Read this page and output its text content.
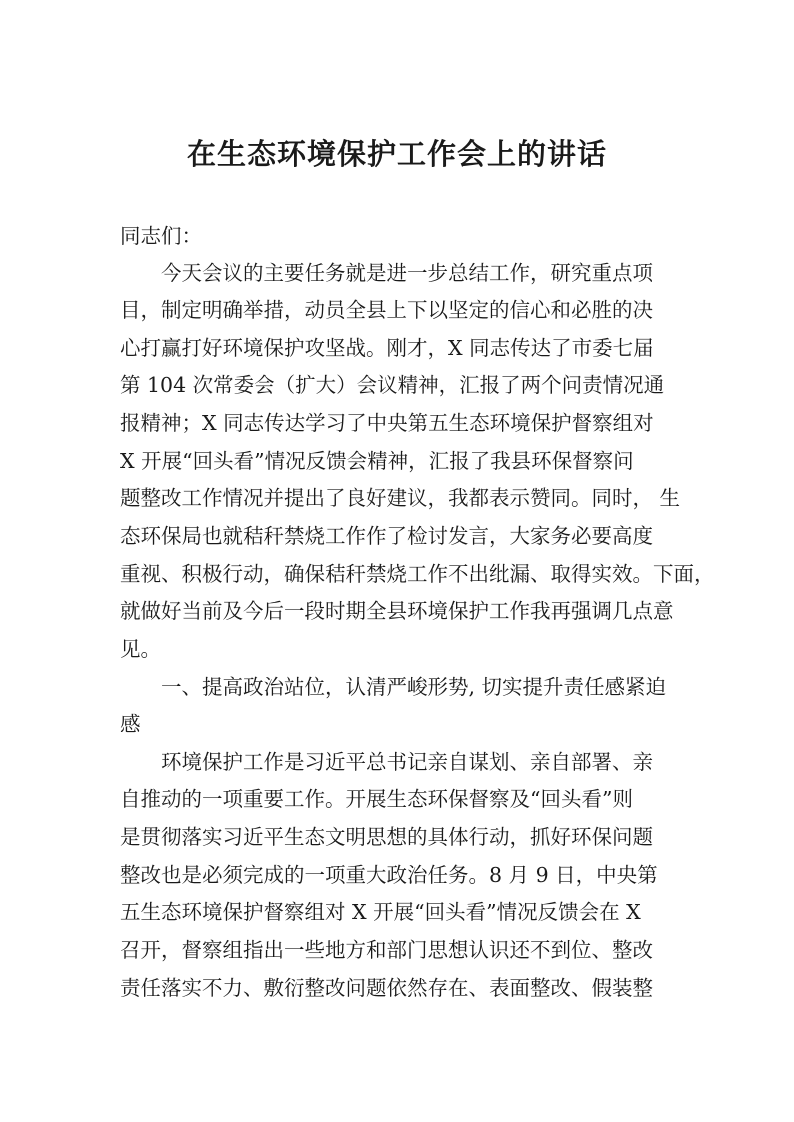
在生态环境保护工作会上的讲话
同志们：
今天会议的主要任务就是进一步总结工作，研究重点项
目，制定明确举措，动员全县上下以坚定的信心和必胜的决
心打赢打好环境保护攻坚战。刚才，X 同志传达了市委七届
第 104 次常委会（扩大）会议精神，汇报了两个问责情况通
报精神；X 同志传达学习了中央第五生态环境保护督察组对
X 开展“回头看”情况反馈会精神，汇报了我县环保督察问
题整改工作情况并提出了良好建议，我都表示赞同。同时， 生
态环保局也就秸秆禁烧工作作了检讨发言，大家务必要高度
重视、积极行动，确保秸秆禁烧工作不出纰漏、取得实效。下面，
就做好当前及今后一段时期全县环境保护工作我再强调几点意
见。
一、提高政治站位，认清严峻形势, 切实提升责任感紧迫
感
环境保护工作是习近平总书记亲自谋划、亲自部署、亲
自推动的一项重要工作。开展生态环保督察及“回头看”则
是贯彻落实习近平生态文明思想的具体行动，抓好环保问题
整改也是必须完成的一项重大政治任务。8 月 9 日，中央第
五生态环境保护督察组对 X 开展“回头看”情况反馈会在 X
召开，督察组指出一些地方和部门思想认识还不到位、整改
责任落实不力、敷衍整改问题依然存在、表面整改、假装整
